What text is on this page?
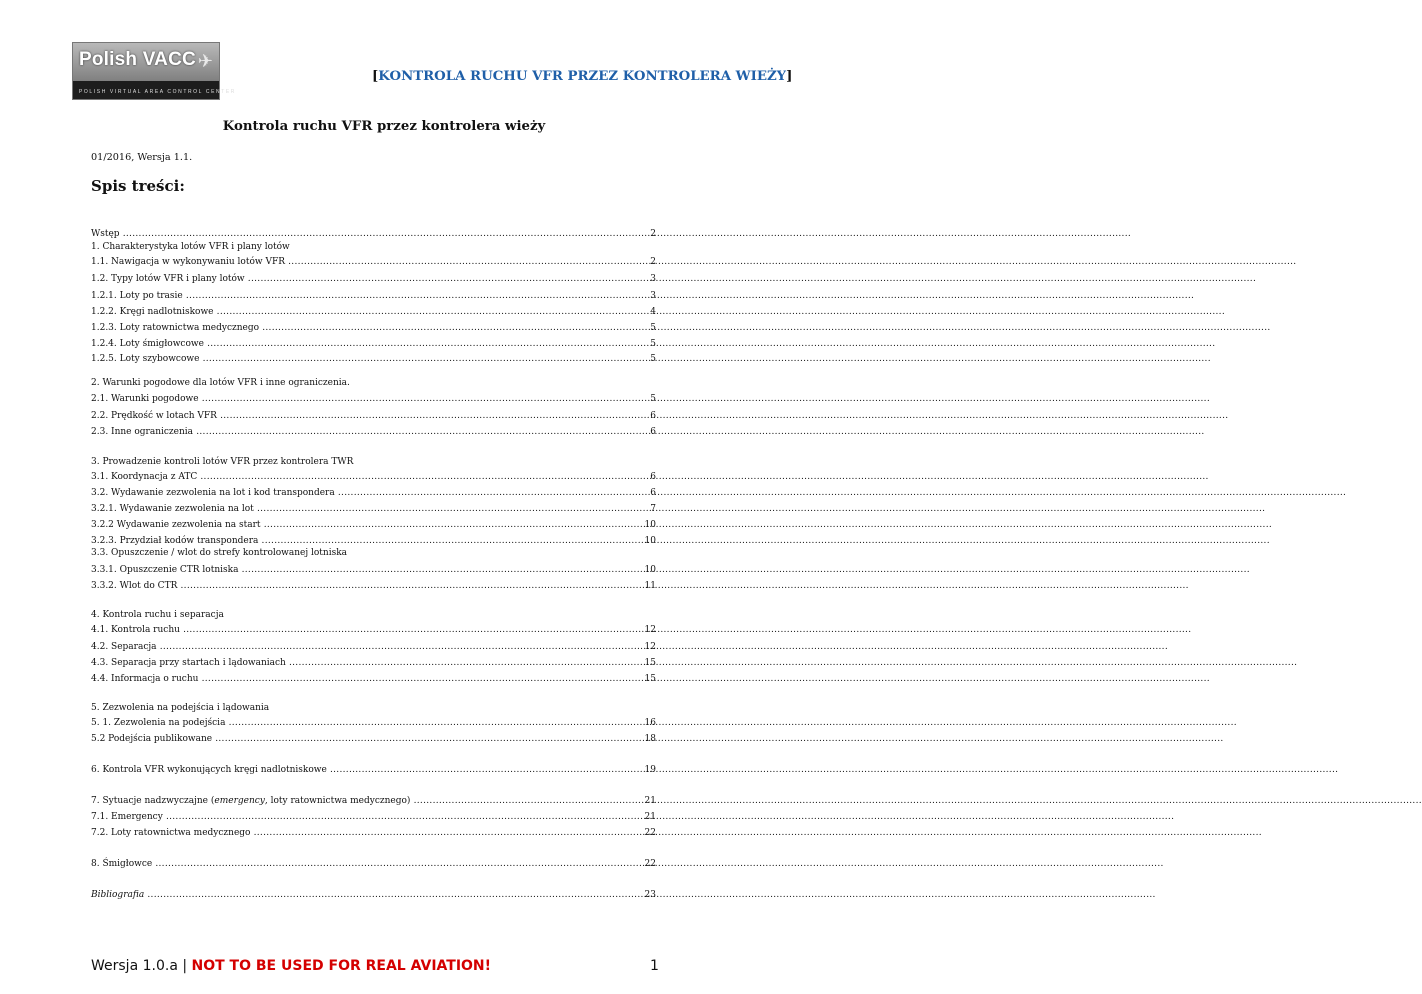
Polish VACC ✈
POLISH VIRTUAL AREA CONTROL CENTER
[KONTROLA RUCHU VFR PRZEZ KONTROLERA WIEŻY]
Kontrola ruchu VFR przez kontrolera wieży
01/2016, Wersja 1.1.
Spis treści:
Wstęp .....	2
1. Charakterystyka lotów VFR i plany lotów
1.1. Nawigacja w wykonywaniu lotów VFR .....	2
1.2. Typy lotów VFR i plany lotów .....	3
1.2.1. Loty po trasie .....	3
1.2.2. Kręgi nadlotniskowe .....	4
1.2.3. Loty ratownictwa medycznego .....	5
1.2.4. Loty śmigłowcowe .....	5
1.2.5. Loty szybowcowe .....	5
2. Warunki pogodowe dla lotów VFR i inne ograniczenia.
2.1. Warunki pogodowe .....	5
2.2. Prędkość w lotach VFR .....	6
2.3. Inne ograniczenia .....	6
3. Prowadzenie kontroli lotów VFR przez kontrolera TWR
3.1. Koordynacja z ATC .....	6
3.2. Wydawanie zezwolenia na lot i kod transpondera .....	6
3.2.1. Wydawanie zezwolenia na lot .....	7
3.2.2 Wydawanie zezwolenia na start .....	10
3.2.3. Przydział kodów transpondera .....	10
3.3. Opuszczenie / wlot do strefy kontrolowanej lotniska
3.3.1. Opuszczenie CTR lotniska .....	10
3.3.2. Wlot do CTR .....	11
4. Kontrola ruchu i separacja
4.1. Kontrola ruchu .....	12
4.2. Separacja .....	12
4.3. Separacja przy startach i lądowaniach .....	15
4.4. Informacja o ruchu .....	15
5. Zezwolenia na podejścia i lądowania
5. 1. Zezwolenia na podejścia .....	16
5.2 Podejścia publikowane .....	18
6. Kontrola VFR wykonujących kręgi nadlotniskowe .....	19
7. Sytuacje nadzwyczajne (emergency, loty ratownictwa medycznego) .....	21
7.1. Emergency .....	21
7.2. Loty ratownictwa medycznego .....	22
8. Śmigłowce .....	22
Bibliografia .....	23
Wersja 1.0.a | NOT TO BE USED FOR REAL AVIATION!	1
